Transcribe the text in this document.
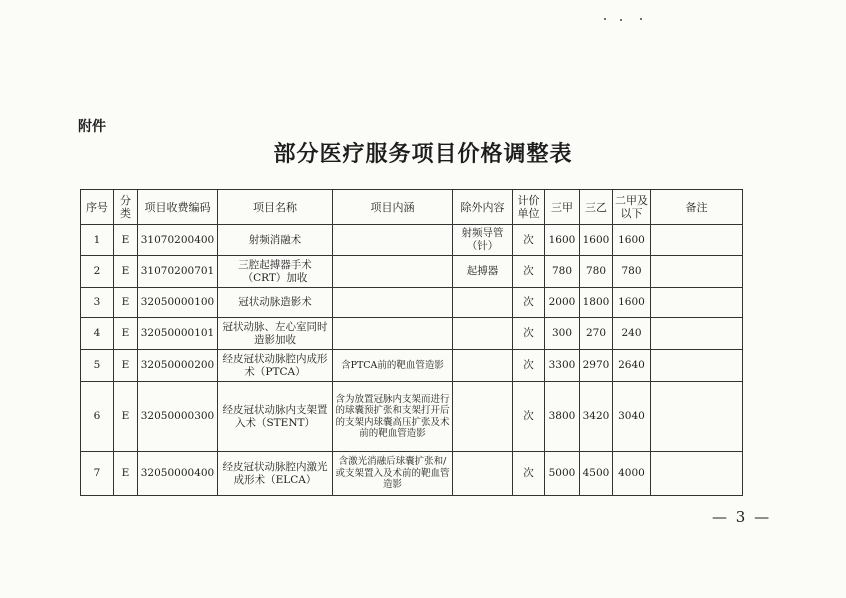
附件
部分医疗服务项目价格调整表
序号	分类	项目收费编码	项目名称	项目内涵	除外内容	计价单位	三甲	三乙	二甲及以下	备注
1	E	31070200400	射频消融术		射频导管（针）	次	1600	1600	1600	
2	E	31070200701	三腔起搏器手术（CRT）加收		起搏器	次	780	780	780	
3	E	32050000100	冠状动脉造影术			次	2000	1800	1600	
4	E	32050000101	冠状动脉、左心室同时造影加收			次	300	270	240	
5	E	32050000200	经皮冠状动脉腔内成形术（PTCA）	含PTCA前的靶血管造影		次	3300	2970	2640	
6	E	32050000300	经皮冠状动脉内支架置入术（STENT）	含为放置冠脉内支架而进行的球囊预扩张和支架打开后的支架内球囊高压扩张及术前的靶血管造影		次	3800	3420	3040	
7	E	32050000400	经皮冠状动脉腔内激光成形术（ELCA）	含激光消融后球囊扩张和/或支架置入及术前的靶血管造影		次	5000	4500	4000	
— 3 —
